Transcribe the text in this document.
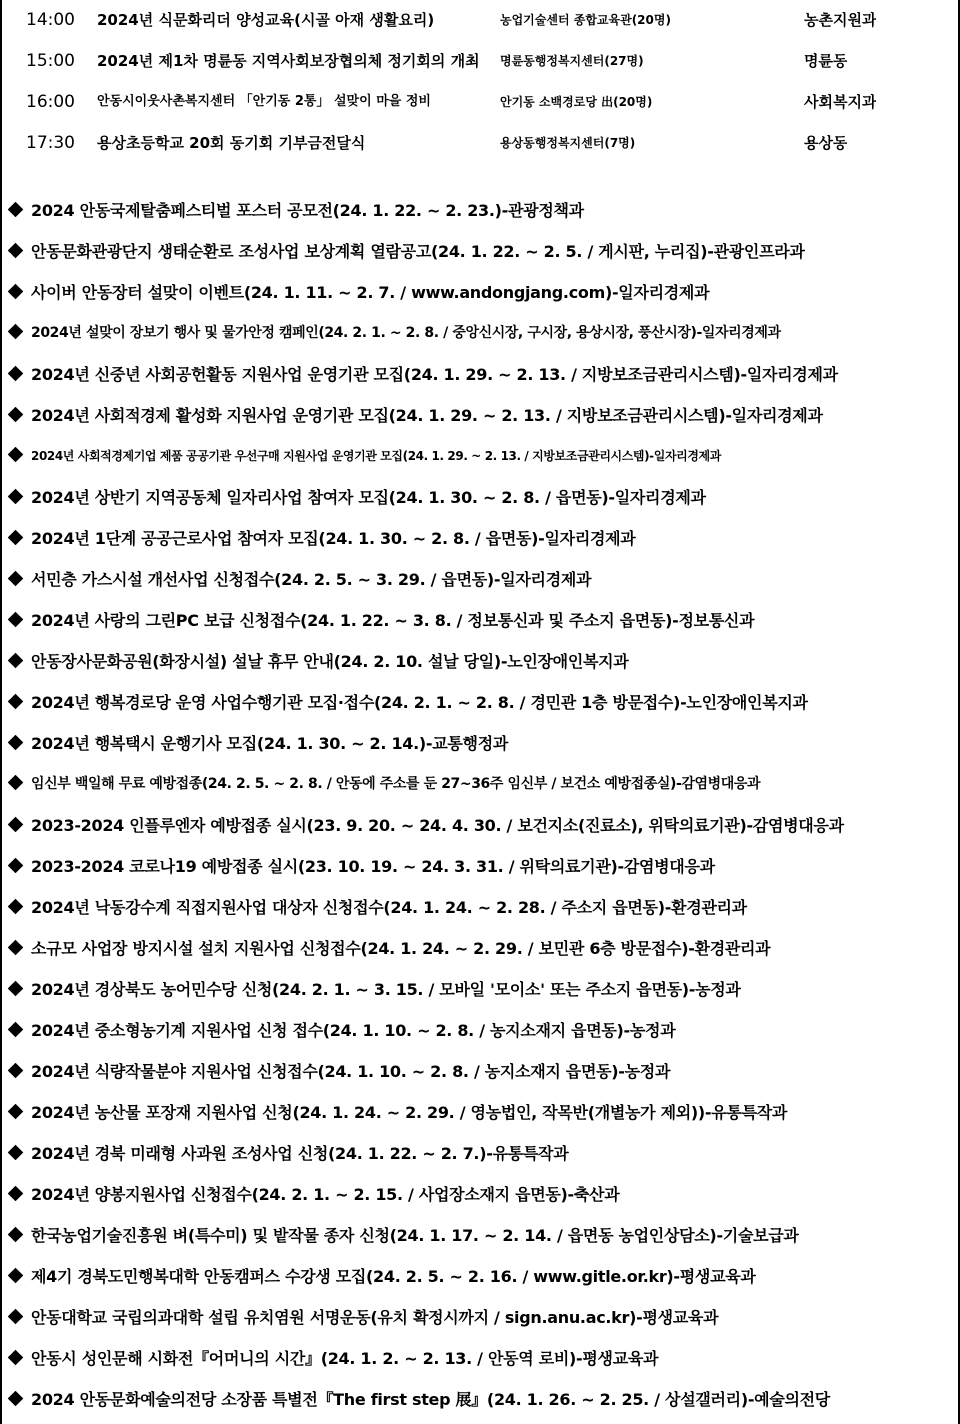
14:00 2024년 식문화리더 양성교육(시골 아재 생활요리)	농업기술센터 종합교육관(20명)	농촌지원과
15:00 2024년 제1차 명륜동 지역사회보장협의체 정기회의 개최	명륜동행정복지센터(27명)	명륜동
16:00 안동시이웃사촌복지센터 「안기동 2통」 설맞이 마을 정비	안기동 소백경로당 出(20명)	사회복지과
17:30 용상초등학교 20회 동기회 기부금전달식	용상동행정복지센터(7명)	용상동
2024 안동국제탈춤페스티벌 포스터 공모전(24. 1. 22. ~ 2. 23.)-관광정책과
안동문화관광단지 생태순환로 조성사업 보상계획 열람공고(24. 1. 22. ~ 2. 5. / 게시판, 누리집)-관광인프라과
사이버 안동장터 설맞이 이벤트(24. 1. 11. ~ 2. 7. / www.andongjang.com)-일자리경제과
2024년 설맞이 장보기 행사 및 물가안정 캠페인(24. 2. 1. ~ 2. 8. / 중앙신시장, 구시장, 용상시장, 풍산시장)-일자리경제과
2024년 신중년 사회공헌활동 지원사업 운영기관 모집(24. 1. 29. ~ 2. 13. / 지방보조금관리시스템)-일자리경제과
2024년 사회적경제 활성화 지원사업 운영기관 모집(24. 1. 29. ~ 2. 13. / 지방보조금관리시스템)-일자리경제과
2024년 사회적경제기업 제품 공공기관 우선구매 지원사업 운영기관 모집(24. 1. 29. ~ 2. 13. / 지방보조금관리시스템)-일자리경제과
2024년 상반기 지역공동체 일자리사업 참여자 모집(24. 1. 30. ~ 2. 8. / 읍면동)-일자리경제과
2024년 1단계 공공근로사업 참여자 모집(24. 1. 30. ~ 2. 8. / 읍면동)-일자리경제과
서민층 가스시설 개선사업 신청접수(24. 2. 5. ~ 3. 29. / 읍면동)-일자리경제과
2024년 사랑의 그린PC 보급 신청접수(24. 1. 22. ~ 3. 8. / 정보통신과 및 주소지 읍면동)-정보통신과
안동장사문화공원(화장시설) 설날 휴무 안내(24. 2. 10. 설날 당일)-노인장애인복지과
2024년 행복경로당 운영 사업수행기관 모집·접수(24. 2. 1. ~ 2. 8. / 경민관 1층 방문접수)-노인장애인복지과
2024년 행복택시 운행기사 모집(24. 1. 30. ~ 2. 14.)-교통행정과
임신부 백일해 무료 예방접종(24. 2. 5. ~ 2. 8. / 안동에 주소를 둔 27~36주 임신부 / 보건소 예방접종실)-감염병대응과
2023-2024 인플루엔자 예방접종 실시(23. 9. 20. ~ 24. 4. 30. / 보건지소(진료소), 위탁의료기관)-감염병대응과
2023-2024 코로나19 예방접종 실시(23. 10. 19. ~ 24. 3. 31. / 위탁의료기관)-감염병대응과
2024년 낙동강수계 직접지원사업 대상자 신청접수(24. 1. 24. ~ 2. 28. / 주소지 읍면동)-환경관리과
소규모 사업장 방지시설 설치 지원사업 신청접수(24. 1. 24. ~ 2. 29. / 보민관 6층 방문접수)-환경관리과
2024년 경상북도 농어민수당 신청(24. 2. 1. ~ 3. 15. / 모바일 '모이소' 또는 주소지 읍면동)-농정과
2024년 중소형농기계 지원사업 신청 접수(24. 1. 10. ~ 2. 8. / 농지소재지 읍면동)-농정과
2024년 식량작물분야 지원사업 신청접수(24. 1. 10. ~ 2. 8. / 농지소재지 읍면동)-농정과
2024년 농산물 포장재 지원사업 신청(24. 1. 24. ~ 2. 29. / 영농법인, 작목반(개별농가 제외))-유통특작과
2024년 경북 미래형 사과원 조성사업 신청(24. 1. 22. ~ 2. 7.)-유통특작과
2024년 양봉지원사업 신청접수(24. 2. 1. ~ 2. 15. / 사업장소재지 읍면동)-축산과
한국농업기술진흥원 벼(특수미) 및 밭작물 종자 신청(24. 1. 17. ~ 2. 14. / 읍면동 농업인상담소)-기술보급과
제4기 경북도민행복대학 안동캠퍼스 수강생 모집(24. 2. 5. ~ 2. 16. / www.gitle.or.kr)-평생교육과
안동대학교 국립의과대학 설립 유치염원 서명운동(유치 확정시까지 / sign.anu.ac.kr)-평생교육과
안동시 성인문해 시화전『어머니의 시간』(24. 1. 2. ~ 2. 13. / 안동역 로비)-평생교육과
2024 안동문화예술의전당 소장품 특별전『The first step 展』(24. 1. 26. ~ 2. 25. / 상설갤러리)-예술의전당
